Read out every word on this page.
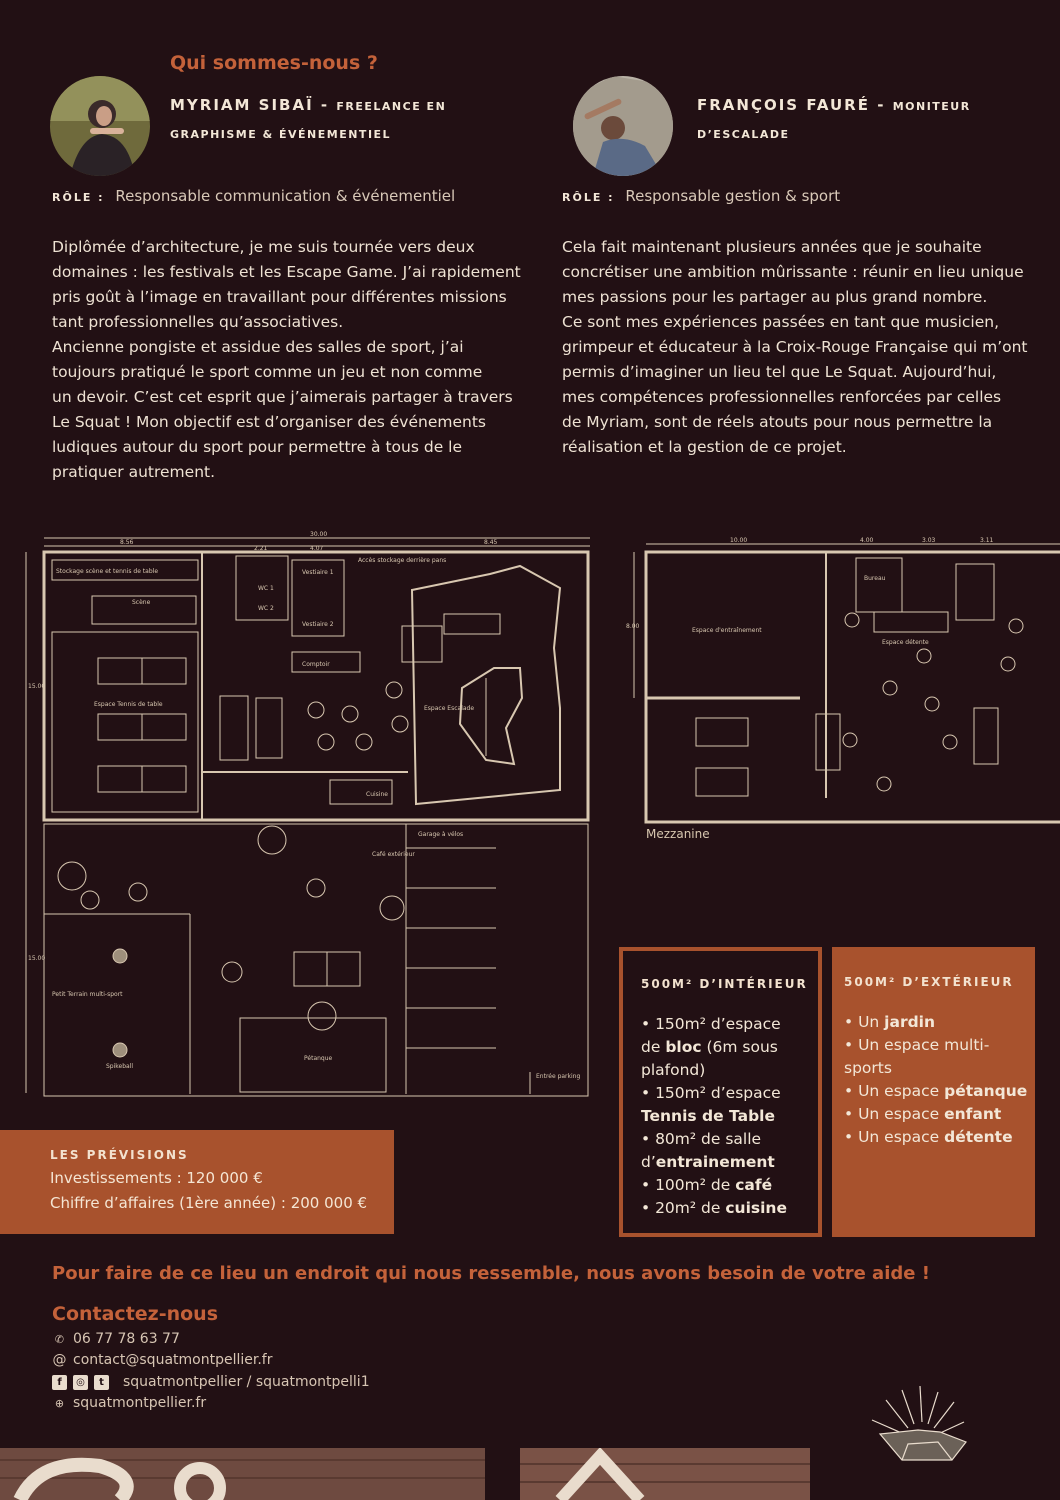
Qui sommes-nous ?
MYRIAM SIBAÏ - FREELANCE EN
GRAPHISME & ÉVÉNEMENTIEL
RÔLE : Responsable communication & événementiel
Diplômée d’architecture, je me suis tournée vers deux
domaines : les festivals et les Escape Game. J’ai rapidement
pris goût à l’image en travaillant pour différentes missions
tant professionnelles qu’associatives.
Ancienne pongiste et assidue des salles de sport, j’ai
toujours pratiqué le sport comme un jeu et non comme
un devoir. C’est cet esprit que j’aimerais partager à travers
Le Squat ! Mon objectif est d’organiser des événements
ludiques autour du sport pour permettre à tous de le
pratiquer autrement.
FRANÇOIS FAURÉ - MONITEUR
D’ESCALADE
RÔLE : Responsable gestion & sport
Cela fait maintenant plusieurs années que je souhaite
concrétiser une ambition mûrissante : réunir en lieu unique
mes passions pour les partager au plus grand nombre.
Ce sont mes expériences passées en tant que musicien,
grimpeur et éducateur à la Croix-Rouge Française qui m’ont
permis d’imaginer un lieu tel que Le Squat. Aujourd’hui,
mes compétences professionnelles renforcées par celles
de Myriam, sont de réels atouts pour nous permettre la
réalisation et la gestion de ce projet.
30.00
8.56
2.21	4.07
8.45
15.00
15.00
Stockage scène et tennis de table
Scène
Espace Tennis de table
WC 1
WC 2
Vestiaire 1
Vestiaire 2
Accès stockage derrière pans
Comptoir
Espace Escalade
Cuisine
Garage à vélos
Café extérieur
Petit Terrain multi-sport
Spikeball
Pétanque
Entrée parking
10.00	4.00	3.03	3.11
8.00
Espace d'entraînement
Bureau
Espace détente
Mezzanine
LES PRÉVISIONS
Investissements : 120 000 €
Chiffre d’affaires (1ère année) : 200 000 €
500M² D’INTÉRIEUR
• 150m² d’espace
de bloc (6m sous
plafond)
• 150m² d’espace
Tennis de Table
• 80m² de salle
d’entrainement
• 100m² de café
• 20m² de cuisine
500M² D’EXTÉRIEUR
• Un jardin
• Un espace multi-
sports
• Un espace pétanque
• Un espace enfant
• Un espace détente
Pour faire de ce lieu un endroit qui nous ressemble, nous avons besoin de votre aide !
Contactez-nous
✆ 06 77 78 63 77
@ contact@squatmontpellier.fr
f	◎	t	squatmontpellier / squatmontpelli1
⊕ squatmontpellier.fr
